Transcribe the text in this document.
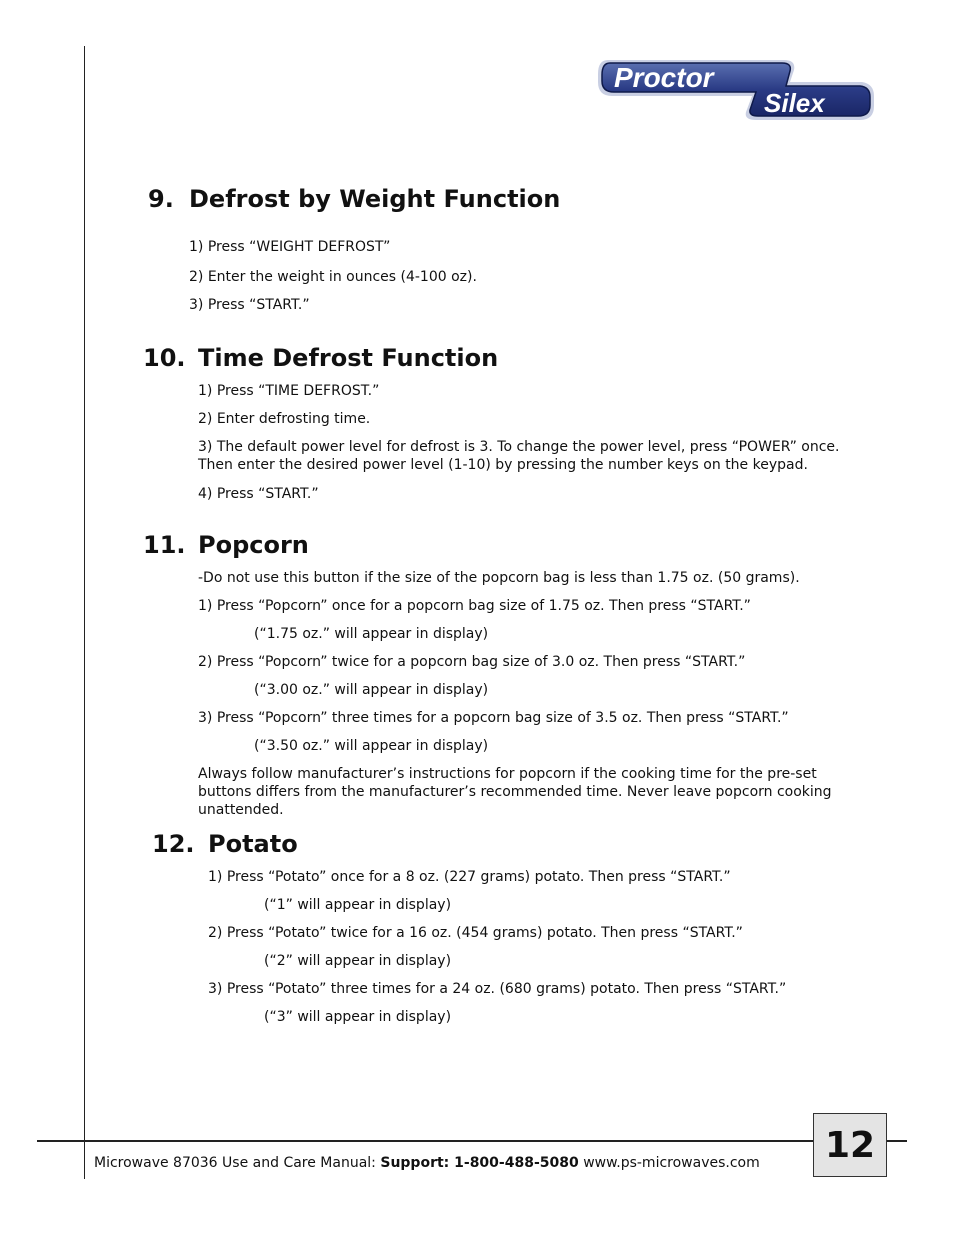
Proctor
Silex
9. Defrost by Weight Function

1) Press “WEIGHT DEFROST”

2) Enter the weight in ounces (4-100 oz).

3) Press “START.”

10. Time Defrost Function

1) Press “TIME DEFROST.”

2) Enter defrosting time.

3) The default power level for defrost is 3. To change the power level, press “POWER” once. Then enter the desired power level (1-10) by pressing the number keys on the keypad.

4) Press “START.”

11. Popcorn

-Do not use this button if the size of the popcorn bag is less than 1.75 oz. (50 grams).

1) Press “Popcorn” once for a popcorn bag size of 1.75 oz. Then press “START.”

(“1.75 oz.” will appear in display)

2) Press “Popcorn” twice for a popcorn bag size of 3.0 oz. Then press “START.”

(“3.00 oz.” will appear in display)

3) Press “Popcorn” three times for a popcorn bag size of 3.5 oz. Then press “START.”

(“3.50 oz.” will appear in display)

Always follow manufacturer’s instructions for popcorn if the cooking time for the pre-set buttons differs from the manufacturer’s recommended time. Never leave popcorn cooking unattended.

12. Potato

1) Press “Potato” once for a 8 oz. (227 grams) potato. Then press “START.”

(“1” will appear in display)

2) Press “Potato” twice for a 16 oz. (454 grams) potato. Then press “START.”

(“2” will appear in display)

3) Press “Potato” three times for a 24 oz. (680 grams) potato. Then press “START.”

(“3” will appear in display)

Microwave 87036 Use and Care Manual: Support: 1-800-488-5080 www.ps-microwaves.com	12
